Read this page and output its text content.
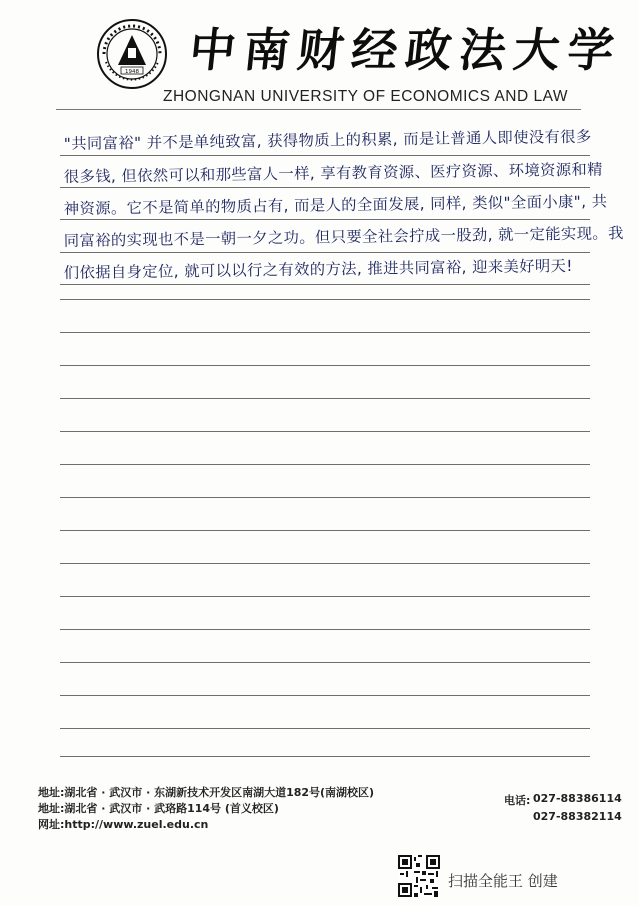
1948 中南财经政法大学
ZHONGNAN UNIVERSITY OF ECONOMICS AND LAW
"共同富裕" 并不是单纯致富, 获得物质上的积累, 而是让普通人即使没有很多
很多钱, 但依然可以和那些富人一样, 享有教育资源、医疗资源、环境资源和精
神资源。它不是简单的物质占有, 而是人的全面发展, 同样, 类似"全面小康", 共
同富裕的实现也不是一朝一夕之功。但只要全社会拧成一股劲, 就一定能实现。我
们依据自身定位, 就可以以行之有效的方法, 推进共同富裕, 迎来美好明天!
地址:湖北省 · 武汉市 · 东湖新技术开发区南湖大道182号(南湖校区)
地址:湖北省 · 武汉市 · 武珞路114号 (首义校区)
网址:http://www.zuel.edu.cn
电话: 027-88386114
027-88382114
扫描全能王 创建
